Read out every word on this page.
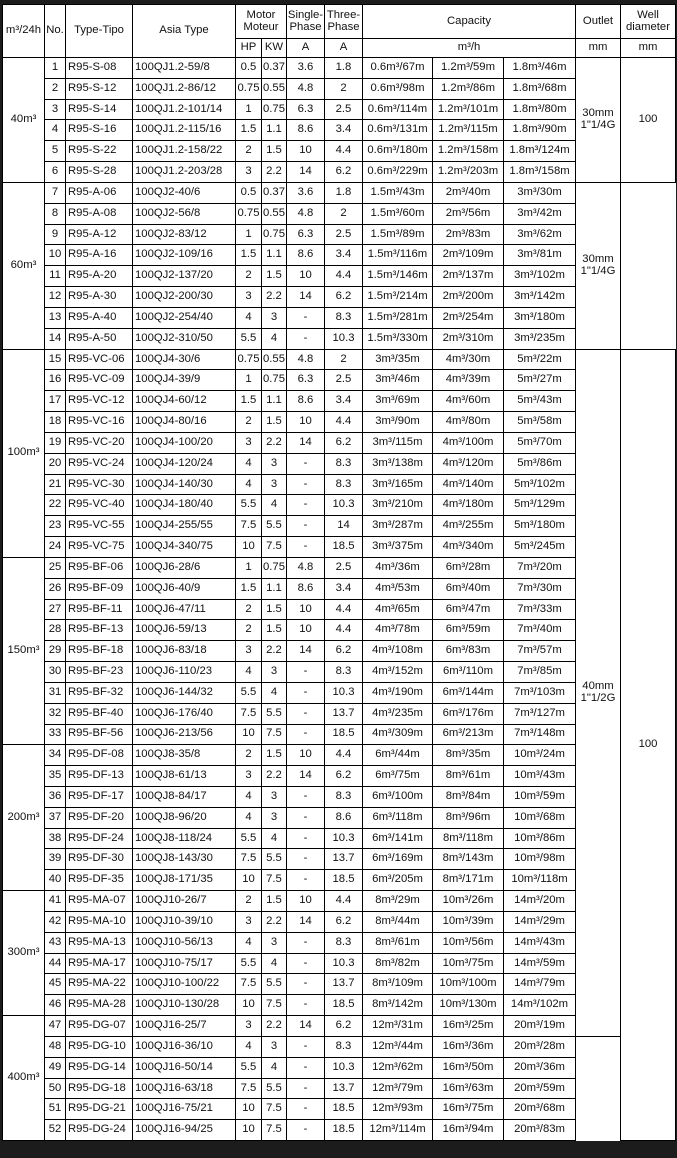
m³/24h	No.	Type-Tipo	Asia Type	Motor Moteur		Single-Phase	Three-Phase	Capacity			Outlet	Well diameter	
				HP	KW	A	A	m³/h			mm	mm	
40m³	1	R95-S-08	100QJ1.2-59/8	0.5	0.37	3.6	1.8	0.6m³/67m	1.2m³/59m	1.8m³/46m	30mm 1"1/4G	100	
	2	R95-S-12	100QJ1.2-86/12	0.75	0.55	4.8	2	0.6m³/98m	1.2m³/86m	1.8m³/68m			
	3	R95-S-14	100QJ1.2-101/14	1	0.75	6.3	2.5	0.6m³/114m	1.2m³/101m	1.8m³/80m			
	4	R95-S-16	100QJ1.2-115/16	1.5	1.1	8.6	3.4	0.6m³/131m	1.2m³/115m	1.8m³/90m			
	5	R95-S-22	100QJ1.2-158/22	2	1.5	10	4.4	0.6m³/180m	1.2m³/158m	1.8m³/124m			
	6	R95-S-28	100QJ1.2-203/28	3	2.2	14	6.2	0.6m³/229m	1.2m³/203m	1.8m³/158m			
60m³	7	R95-A-06	100QJ2-40/6	0.5	0.37	3.6	1.8	1.5m³/43m	2m³/40m	3m³/30m	30mm 1"1/4G		
	8	R95-A-08	100QJ2-56/8	0.75	0.55	4.8	2	1.5m³/60m	2m³/56m	3m³/42m			
	9	R95-A-12	100QJ2-83/12	1	0.75	6.3	2.5	1.5m³/89m	2m³/83m	3m³/62m			
	10	R95-A-16	100QJ2-109/16	1.5	1.1	8.6	3.4	1.5m³/116m	2m³/109m	3m³/81m			
	11	R95-A-20	100QJ2-137/20	2	1.5	10	4.4	1.5m³/146m	2m³/137m	3m³/102m			
	12	R95-A-30	100QJ2-200/30	3	2.2	14	6.2	1.5m³/214m	2m³/200m	3m³/142m			
	13	R95-A-40	100QJ2-254/40	4	3	-	8.3	1.5m³/281m	2m³/254m	3m³/180m			
	14	R95-A-50	100QJ2-310/50	5.5	4	-	10.3	1.5m³/330m	2m³/310m	3m³/235m			
100m³	15	R95-VC-06	100QJ4-30/6	0.75	0.55	4.8	2	3m³/35m	4m³/30m	5m³/22m	40mm 1"1/2G	100	
	16	R95-VC-09	100QJ4-39/9	1	0.75	6.3	2.5	3m³/46m	4m³/39m	5m³/27m			
	17	R95-VC-12	100QJ4-60/12	1.5	1.1	8.6	3.4	3m³/69m	4m³/60m	5m³/43m			
	18	R95-VC-16	100QJ4-80/16	2	1.5	10	4.4	3m³/90m	4m³/80m	5m³/58m			
	19	R95-VC-20	100QJ4-100/20	3	2.2	14	6.2	3m³/115m	4m³/100m	5m³/70m			
	20	R95-VC-24	100QJ4-120/24	4	3	-	8.3	3m³/138m	4m³/120m	5m³/86m			
	21	R95-VC-30	100QJ4-140/30	4	3	-	8.3	3m³/165m	4m³/140m	5m³/102m			
	22	R95-VC-40	100QJ4-180/40	5.5	4	-	10.3	3m³/210m	4m³/180m	5m³/129m			
	23	R95-VC-55	100QJ4-255/55	7.5	5.5	-	14	3m³/287m	4m³/255m	5m³/180m			
	24	R95-VC-75	100QJ4-340/75	10	7.5	-	18.5	3m³/375m	4m³/340m	5m³/245m			
150m³	25	R95-BF-06	100QJ6-28/6	1	0.75	4.8	2.5	4m³/36m	6m³/28m	7m³/20m			
	26	R95-BF-09	100QJ6-40/9	1.5	1.1	8.6	3.4	4m³/53m	6m³/40m	7m³/30m			
	27	R95-BF-11	100QJ6-47/11	2	1.5	10	4.4	4m³/65m	6m³/47m	7m³/33m			
	28	R95-BF-13	100QJ6-59/13	2	1.5	10	4.4	4m³/78m	6m³/59m	7m³/40m			
	29	R95-BF-18	100QJ6-83/18	3	2.2	14	6.2	4m³/108m	6m³/83m	7m³/57m			
	30	R95-BF-23	100QJ6-110/23	4	3	-	8.3	4m³/152m	6m³/110m	7m³/85m			
	31	R95-BF-32	100QJ6-144/32	5.5	4	-	10.3	4m³/190m	6m³/144m	7m³/103m			
	32	R95-BF-40	100QJ6-176/40	7.5	5.5	-	13.7	4m³/235m	6m³/176m	7m³/127m			
	33	R95-BF-56	100QJ6-213/56	10	7.5	-	18.5	4m³/309m	6m³/213m	7m³/148m			
200m³	34	R95-DF-08	100QJ8-35/8	2	1.5	10	4.4	6m³/44m	8m³/35m	10m³/24m			
	35	R95-DF-13	100QJ8-61/13	3	2.2	14	6.2	6m³/75m	8m³/61m	10m³/43m			
	36	R95-DF-17	100QJ8-84/17	4	3	-	8.3	6m³/100m	8m³/84m	10m³/59m			
	37	R95-DF-20	100QJ8-96/20	4	3	-	8.6	6m³/118m	8m³/96m	10m³/68m			
	38	R95-DF-24	100QJ8-118/24	5.5	4	-	10.3	6m³/141m	8m³/118m	10m³/86m			
	39	R95-DF-30	100QJ8-143/30	7.5	5.5	-	13.7	6m³/169m	8m³/143m	10m³/98m			
	40	R95-DF-35	100QJ8-171/35	10	7.5	-	18.5	6m³/205m	8m³/171m	10m³/118m			
300m³	41	R95-MA-07	100QJ10-26/7	2	1.5	10	4.4	8m³/29m	10m³/26m	14m³/20m	
	42	R95-MA-10	100QJ10-39/10	3	2.2	14	6.2	8m³/44m	10m³/39m	14m³/29m			
	43	R95-MA-13	100QJ10-56/13	4	3	-	8.3	8m³/61m	10m³/56m	14m³/43m			
	44	R95-MA-17	100QJ10-75/17	5.5	4	-	10.3	8m³/82m	10m³/75m	14m³/59m			
	45	R95-MA-22	100QJ10-100/22	7.5	5.5	-	13.7	8m³/109m	10m³/100m	14m³/79m			
	46	R95-MA-28	100QJ10-130/28	10	7.5	-	18.5	8m³/142m	10m³/130m	14m³/102m			
400m³	47	R95-DG-07	100QJ16-25/7	3	2.2	14	6.2	12m³/31m	16m³/25m	20m³/19m			
	48	R95-DG-10	100QJ16-36/10	4	3	-	8.3	12m³/44m	16m³/36m	20m³/28m			
	49	R95-DG-14	100QJ16-50/14	5.5	4	-	10.3	12m³/62m	16m³/50m	20m³/36m			
	50	R95-DG-18	100QJ16-63/18	7.5	5.5	-	13.7	12m³/79m	16m³/63m	20m³/59m			
	51	R95-DG-21	100QJ16-75/21	10	7.5	-	18.5	12m³/93m	16m³/75m	20m³/68m			
	52	R95-DG-24	100QJ16-94/25	10	7.5	-	18.5	12m³/114m	16m³/94m	20m³/83m			
